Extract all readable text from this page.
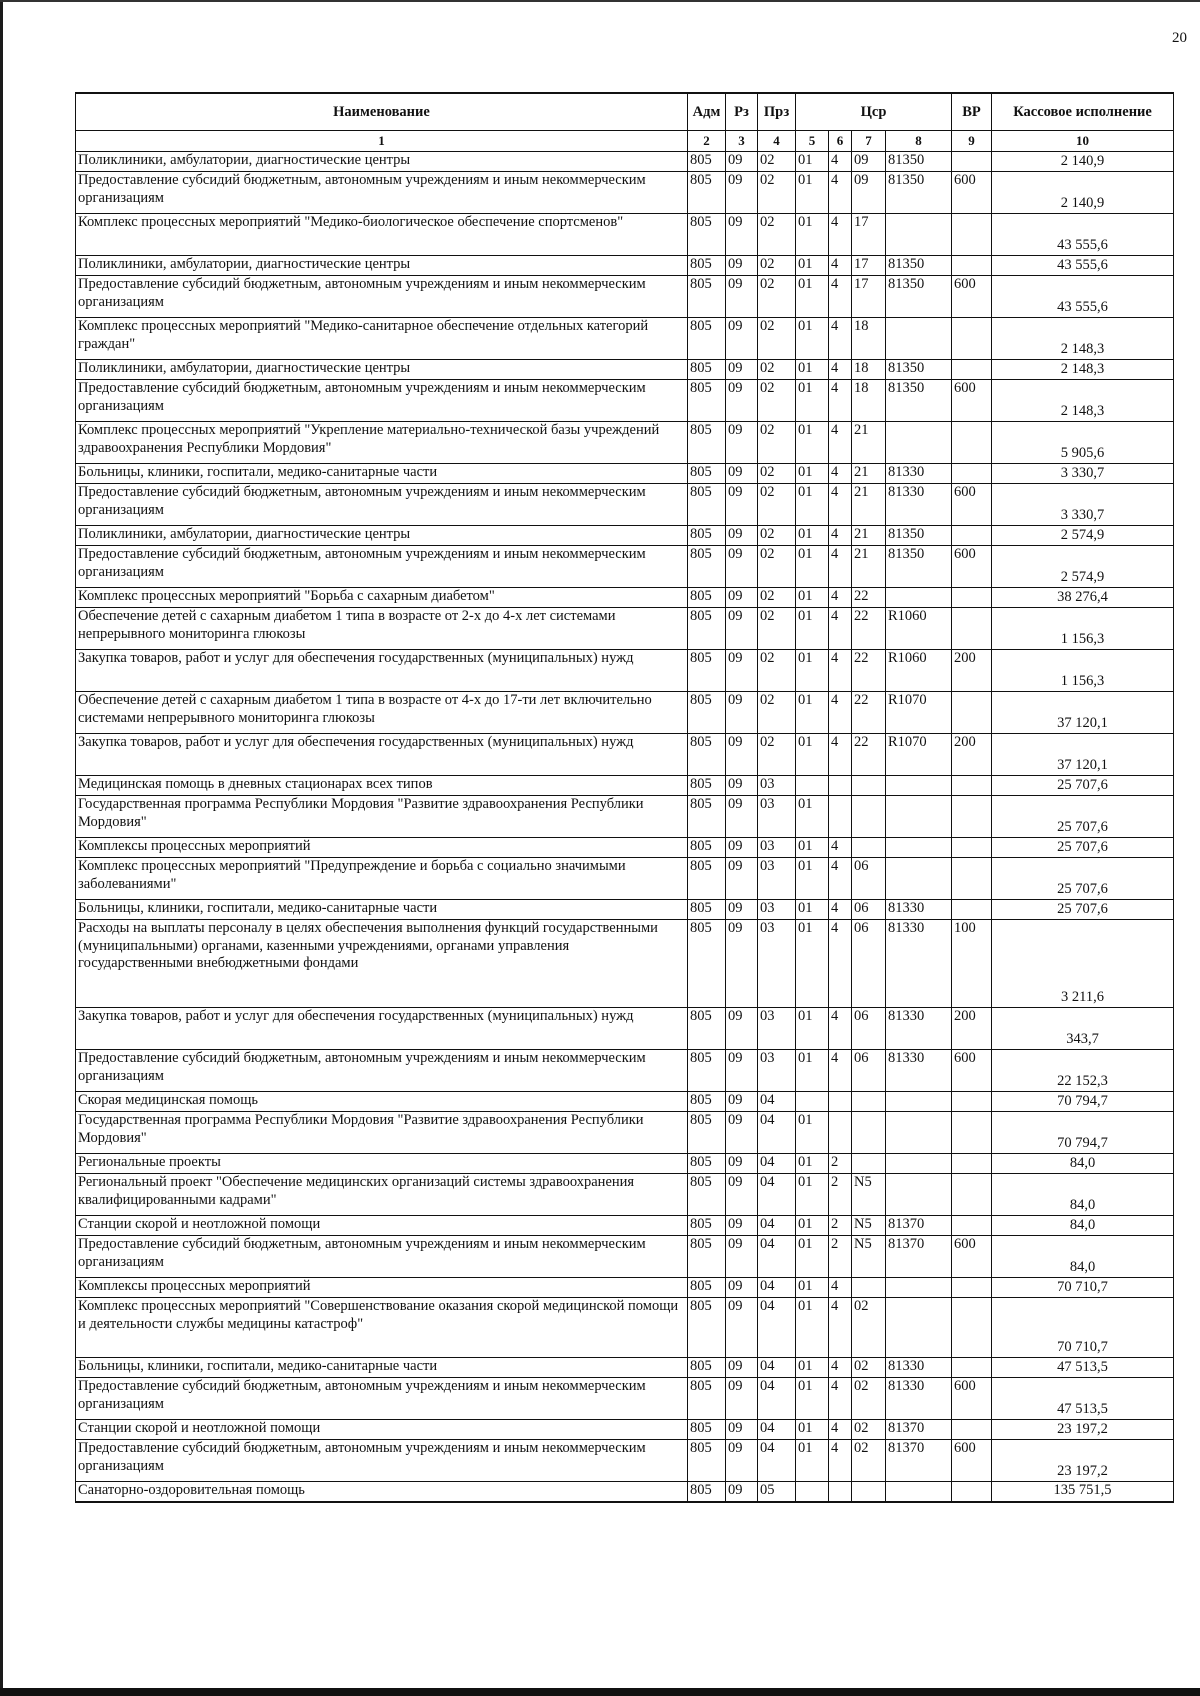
20
Наименование	Адм	Рз	Прз	Цср				ВР	Кассовое исполнение
1	2	3	4	5	6	7	8	9	10
Поликлиники, амбулатории, диагностические центры	805	09	02	01	4	09	81350		2 140,9
Предоставление субсидий бюджетным, автономным учреждениям и иным некоммерческим организациям	805	09	02	01	4	09	81350	600	2 140,9
Комплекс процессных мероприятий "Медико-биологическое обеспечение спортсменов"	805	09	02	01	4	17			43 555,6
Поликлиники, амбулатории, диагностические центры	805	09	02	01	4	17	81350		43 555,6
Предоставление субсидий бюджетным, автономным учреждениям и иным некоммерческим организациям	805	09	02	01	4	17	81350	600	43 555,6
Комплекс процессных мероприятий "Медико-санитарное обеспечение отдельных категорий граждан"	805	09	02	01	4	18			2 148,3
Поликлиники, амбулатории, диагностические центры	805	09	02	01	4	18	81350		2 148,3
Предоставление субсидий бюджетным, автономным учреждениям и иным некоммерческим организациям	805	09	02	01	4	18	81350	600	2 148,3
Комплекс процессных мероприятий "Укрепление материально-технической базы учреждений здравоохранения Республики Мордовия"	805	09	02	01	4	21			5 905,6
Больницы, клиники, госпитали, медико-санитарные части	805	09	02	01	4	21	81330		3 330,7
Предоставление субсидий бюджетным, автономным учреждениям и иным некоммерческим организациям	805	09	02	01	4	21	81330	600	3 330,7
Поликлиники, амбулатории, диагностические центры	805	09	02	01	4	21	81350		2 574,9
Предоставление субсидий бюджетным, автономным учреждениям и иным некоммерческим организациям	805	09	02	01	4	21	81350	600	2 574,9
Комплекс процессных мероприятий "Борьба с сахарным диабетом"	805	09	02	01	4	22			38 276,4
Обеспечение детей с сахарным диабетом 1 типа в возрасте от 2-х до 4-х лет системами непрерывного мониторинга глюкозы	805	09	02	01	4	22	R1060		1 156,3
Закупка товаров, работ и услуг для обеспечения государственных (муниципальных) нужд	805	09	02	01	4	22	R1060	200	1 156,3
Обеспечение детей с сахарным диабетом 1 типа в возрасте от 4-х до 17-ти лет включительно системами непрерывного мониторинга глюкозы	805	09	02	01	4	22	R1070		37 120,1
Закупка товаров, работ и услуг для обеспечения государственных (муниципальных) нужд	805	09	02	01	4	22	R1070	200	37 120,1
Медицинская помощь в дневных стационарах всех типов	805	09	03						25 707,6
Государственная программа Республики Мордовия "Развитие здравоохранения Республики Мордовия"	805	09	03	01					25 707,6
Комплексы процессных мероприятий	805	09	03	01	4				25 707,6
Комплекс процессных мероприятий "Предупреждение и борьба с социально значимыми заболеваниями"	805	09	03	01	4	06			25 707,6
Больницы, клиники, госпитали, медико-санитарные части	805	09	03	01	4	06	81330		25 707,6
Расходы на выплаты персоналу в целях обеспечения выполнения функций государственными (муниципальными) органами, казенными учреждениями, органами управления государственными внебюджетными фондами	805	09	03	01	4	06	81330	100	3 211,6
Закупка товаров, работ и услуг для обеспечения государственных (муниципальных) нужд	805	09	03	01	4	06	81330	200	343,7
Предоставление субсидий бюджетным, автономным учреждениям и иным некоммерческим организациям	805	09	03	01	4	06	81330	600	22 152,3
Скорая медицинская помощь	805	09	04						70 794,7
Государственная программа Республики Мордовия "Развитие здравоохранения Республики Мордовия"	805	09	04	01					70 794,7
Региональные проекты	805	09	04	01	2				84,0
Региональный проект "Обеспечение медицинских организаций системы здравоохранения квалифицированными кадрами"	805	09	04	01	2	N5			84,0
Станции скорой и неотложной помощи	805	09	04	01	2	N5	81370		84,0
Предоставление субсидий бюджетным, автономным учреждениям и иным некоммерческим организациям	805	09	04	01	2	N5	81370	600	84,0
Комплексы процессных мероприятий	805	09	04	01	4				70 710,7
Комплекс процессных мероприятий "Совершенствование оказания скорой медицинской помощи и деятельности службы медицины катастроф"	805	09	04	01	4	02			70 710,7
Больницы, клиники, госпитали, медико-санитарные части	805	09	04	01	4	02	81330		47 513,5
Предоставление субсидий бюджетным, автономным учреждениям и иным некоммерческим организациям	805	09	04	01	4	02	81330	600	47 513,5
Станции скорой и неотложной помощи	805	09	04	01	4	02	81370		23 197,2
Предоставление субсидий бюджетным, автономным учреждениям и иным некоммерческим организациям	805	09	04	01	4	02	81370	600	23 197,2
Санаторно-оздоровительная помощь	805	09	05						135 751,5
